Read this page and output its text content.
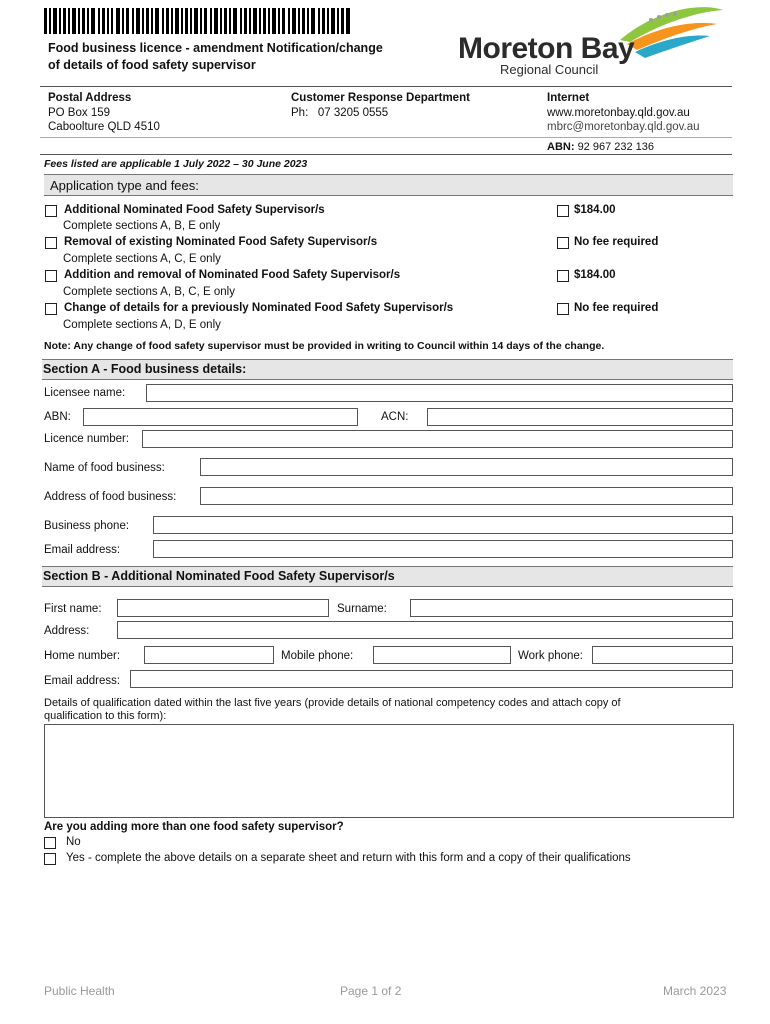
Food business licence - amendment Notification/change
of details of food safety supervisor	Moreton Bay
Regional Council
Postal Address
PO Box 159
Caboolture QLD 4510
Customer Response Department
Ph:   07 3205 0555
Internet
www.moretonbay.qld.gov.au
mbrc@moretonbay.qld.gov.au
ABN: 92 967 232 136
Fees listed are applicable 1 July 2022 – 30 June 2023
Application type and fees:
Additional Nominated Food Safety Supervisor/s
Complete sections A, B, E only
$184.00
Removal of existing Nominated Food Safety Supervisor/s
Complete sections A, C, E only
No fee required
Addition and removal of Nominated Food Safety Supervisor/s
Complete sections A, B, C, E only
$184.00
Change of details for a previously Nominated Food Safety Supervisor/s
Complete sections A, D, E only
No fee required
Note: Any change of food safety supervisor must be provided in writing to Council within 14 days of the change.
Section A - Food business details:
Licensee name:
ABN:	ACN:
Licence number:
Name of food business:
Address of food business:
Business phone:
Email address:
Section B - Additional Nominated Food Safety Supervisor/s
First name:	Surname:
Address:
Home number:	Mobile phone:	Work phone:
Email address:
Details of qualification dated within the last five years (provide details of national competency codes and attach copy of
qualification to this form):
Are you adding more than one food safety supervisor?
No
Yes - complete the above details on a separate sheet and return with this form and a copy of their qualifications
Public Health	Page 1 of 2	March 2023
